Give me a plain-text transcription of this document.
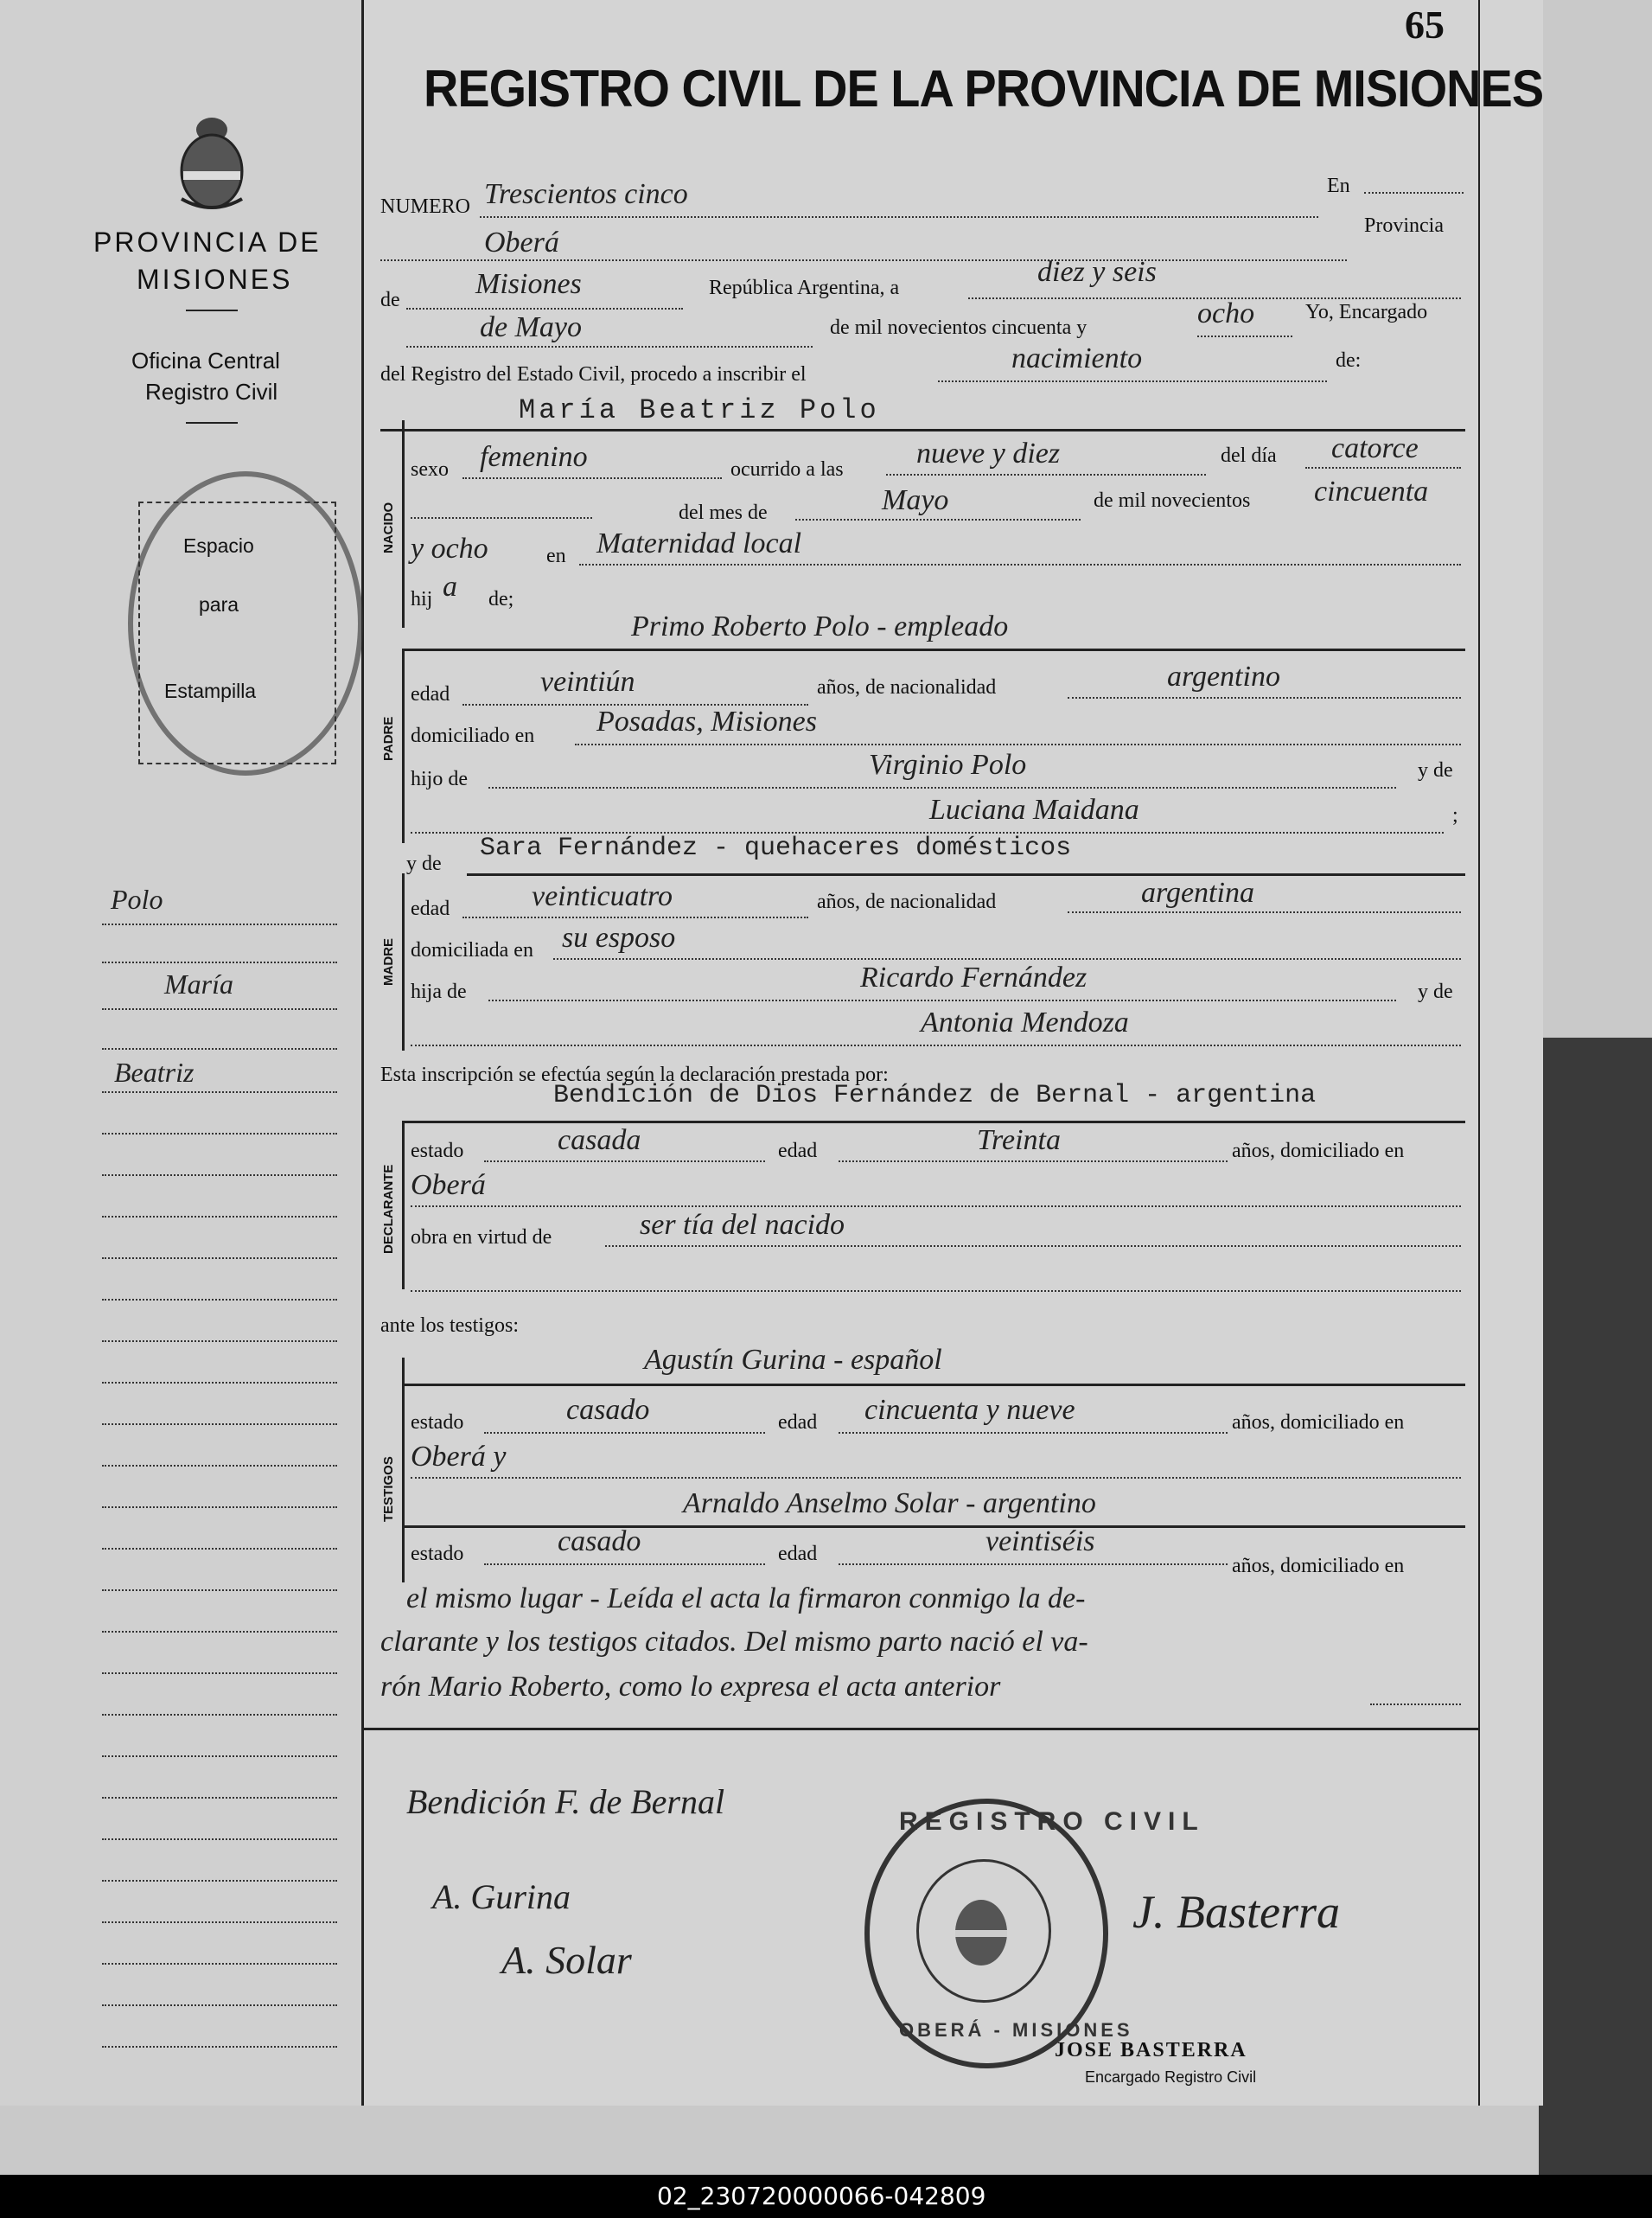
PROVINCIA DE
MISIONES
Oficina Central
Registro Civil
Espacio
para
Estampilla
Polo
María
Beatriz
65
REGISTRO CIVIL DE LA PROVINCIA DE MISIONES
NUMERO Trescientos cinco	En
Oberá
Provincia
de	Misiones	República Argentina, a	diez y seis
de Mayo	de mil novecientos cincuenta y	ocho Yo, Encargado
del Registro del Estado Civil, procedo a inscribir el	nacimiento	de:
NACIDO
María Beatriz Polo
sexo femenino	ocurrido a las nueve y diez	del día catorce
del mes de	Mayo	de mil novecientos cincuenta
y ocho	en Maternidad local
hij a de;
Primo Roberto Polo - empleado
PADRE
edad	veintiún	años, de nacionalidad	argentino
domiciliado en Posadas, Misiones
hijo de	Virginio Polo	y de
Luciana Maidana	;
y de
Sara Fernández - quehaceres domésticos
MADRE
edad	veinticuatro	años, de nacionalidad	argentina
domiciliada en su esposo
hija de	Ricardo Fernández	y de
Antonia Mendoza
Esta inscripción se efectúa según la declaración prestada por:
Bendición de Dios Fernández de Bernal - argentina
DECLARANTE
estado	casada	edad	Treinta	años, domiciliado en
Oberá
obra en virtud de	ser tía del nacido
ante los testigos:
Agustín Gurina - español
TESTIGOS
estado	casado	edad cincuenta y nueve	años, domiciliado en
Oberá y
Arnaldo Anselmo Solar - argentino
estado	casado	edad	veintiséis
años, domiciliado en
el mismo lugar - Leída el acta la firmaron conmigo la de-
clarante y los testigos citados. Del mismo parto nació el va-
rón Mario Roberto, como lo expresa el acta anterior
Bendición F. de Bernal
A. Gurina
A. Solar
J. Basterra
REGISTRO CIVIL
OBERÁ - MISIONES
JOSE BASTERRA
Encargado Registro Civil
02_230720000066-042809
